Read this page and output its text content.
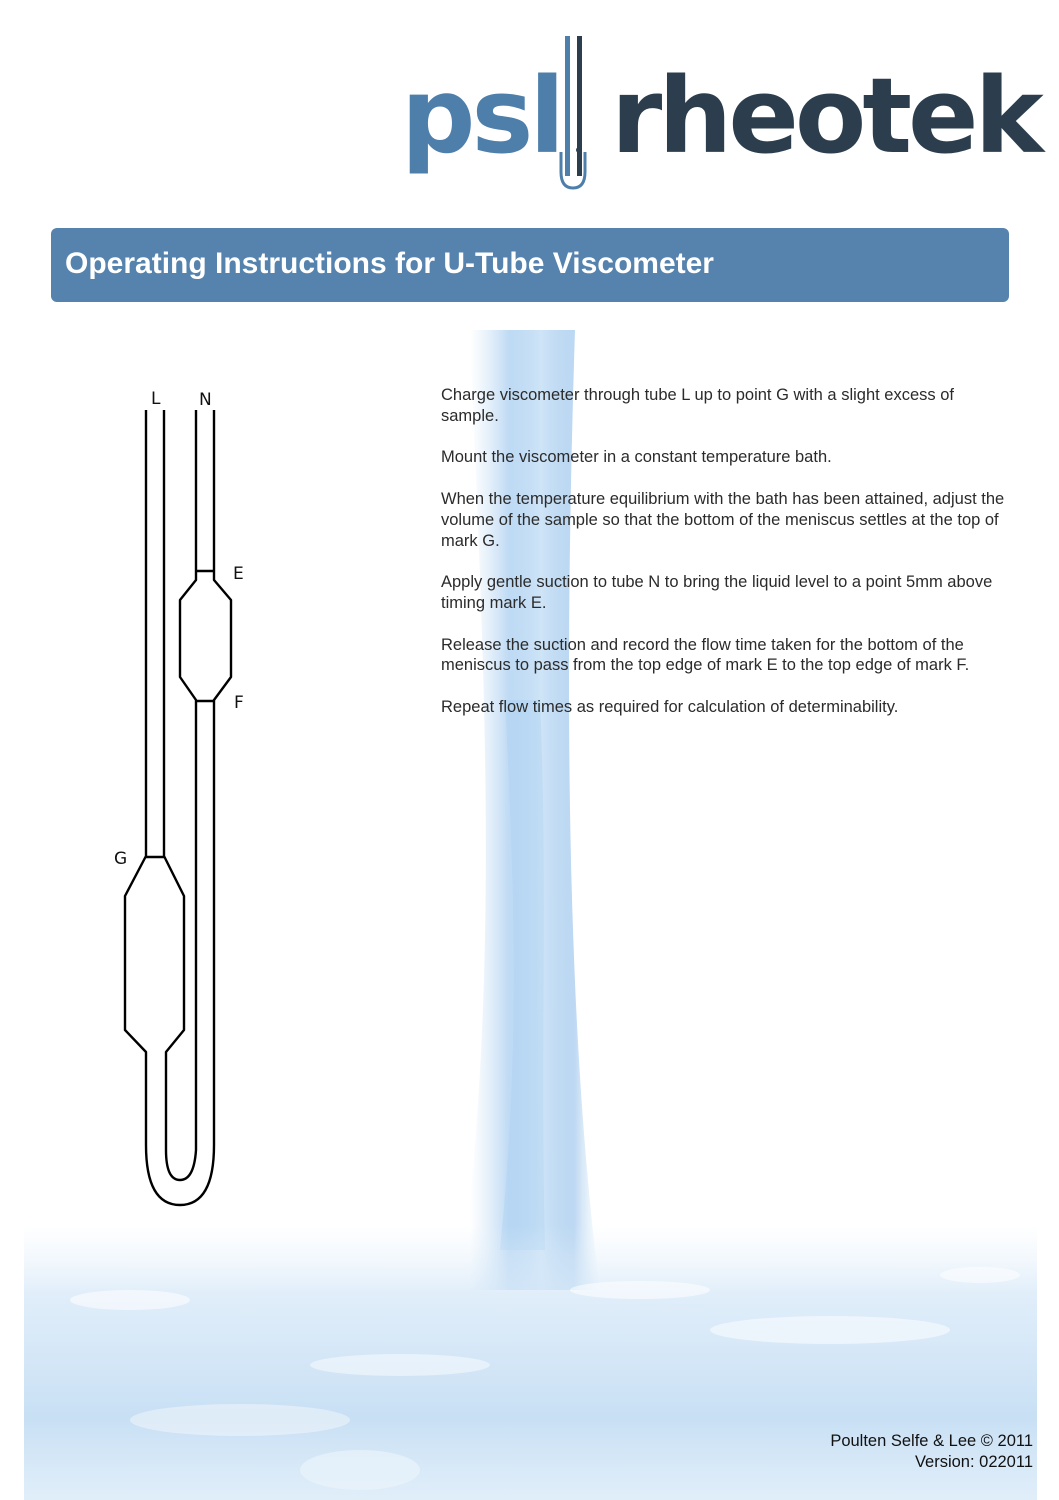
psl rheotek
Operating Instructions for U-Tube Viscometer
L N
E
F
G

Charge viscometer through tube L up to point G with a slight excess of sample.

Mount the viscometer in a constant temperature bath.

When the temperature equilibrium with the bath has been attained, adjust the volume of the sample so that the bottom of the meniscus settles at the top of mark G.

Apply gentle suction to tube N to bring the liquid level to a point 5mm above timing mark E.

Release the suction and record the flow time taken for the bottom of the meniscus to pass from the top edge of mark E to the top edge of mark F.

Repeat flow times as required for calculation of determinability.

Poulten Selfe & Lee © 2011
Version: 022011
